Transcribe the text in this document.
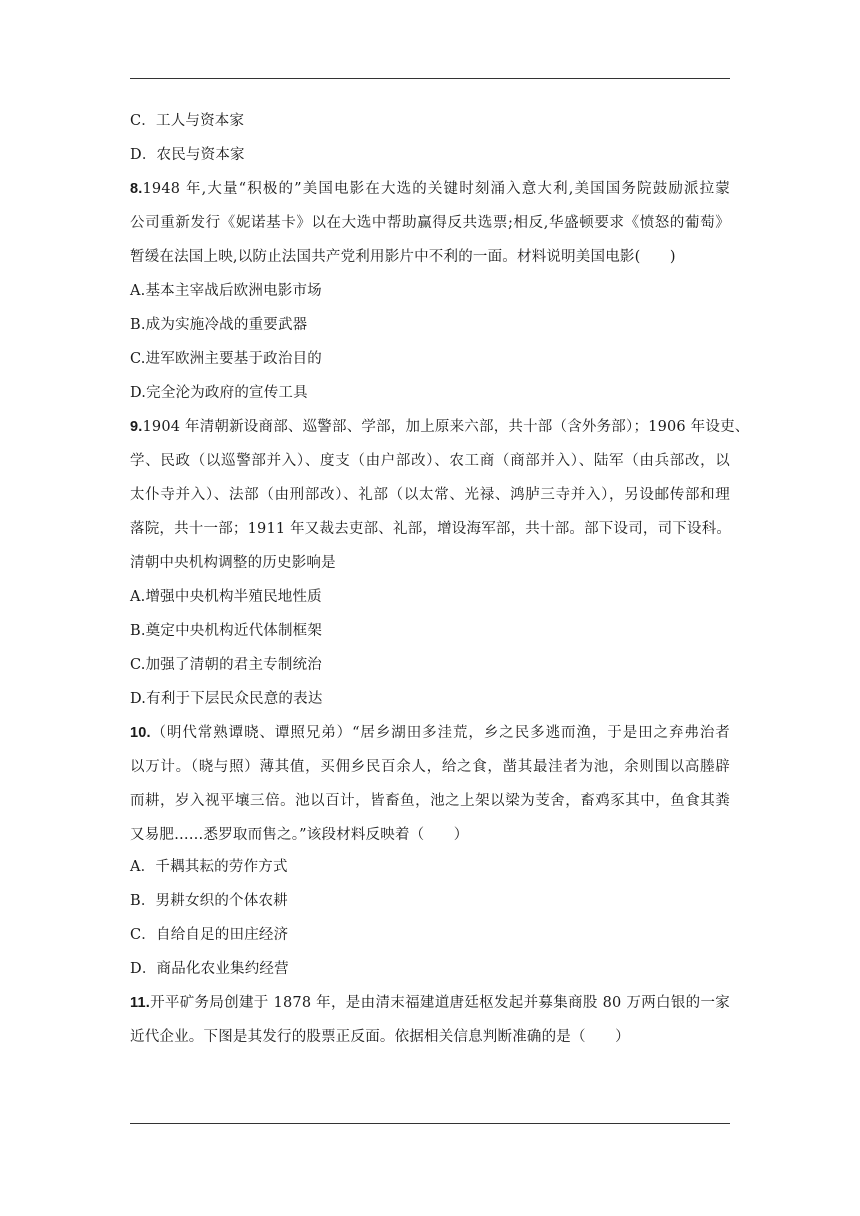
C．工人与资本家
D．农民与资本家
8.1948 年,大量“积极的”美国电影在大选的关键时刻涌入意大利,美国国务院鼓励派拉蒙
公司重新发行《妮诺基卡》以在大选中帮助赢得反共选票;相反,华盛顿要求《愤怒的葡萄》
暂缓在法国上映,以防止法国共产党利用影片中不利的一面。材料说明美国电影(　　)
A.基本主宰战后欧洲电影市场
B.成为实施冷战的重要武器
C.进军欧洲主要基于政治目的
D.完全沦为政府的宣传工具
9.1904 年清朝新设商部、巡警部、学部，加上原来六部，共十部（含外务部）；1906 年设吏、
学、民政（以巡警部并入）、度支（由户部改）、农工商（商部并入）、陆军（由兵部改，以
太仆寺并入）、法部（由刑部改）、礼部（以太常、光禄、鸿胪三寺并入），另设邮传部和理
落院，共十一部；1911 年又裁去吏部、礼部，增设海军部，共十部。部下设司，司下设科。
清朝中央机构调整的历史影响是
A.增强中央机构半殖民地性质
B.奠定中央机构近代体制框架
C.加强了清朝的君主专制统治
D.有利于下层民众民意的表达
10.（明代常熟谭晓、谭照兄弟）“居乡湖田多洼荒，乡之民多逃而渔，于是田之弃弗治者
以万计。（晓与照）薄其值，买佣乡民百余人，给之食，凿其最洼者为池，余则围以高塍辟
而耕，岁入视平壤三倍。池以百计，皆畜鱼，池之上架以梁为芰舍，畜鸡豕其中，鱼食其粪
又易肥……悉罗取而售之。”该段材料反映着（　　）
A．千耦其耘的劳作方式
B．男耕女织的个体农耕
C．自给自足的田庄经济
D．商品化农业集约经营
11.开平矿务局创建于 1878 年，是由清末福建道唐廷枢发起并募集商股 80 万两白银的一家
近代企业。下图是其发行的股票正反面。依据相关信息判断准确的是（　　）
